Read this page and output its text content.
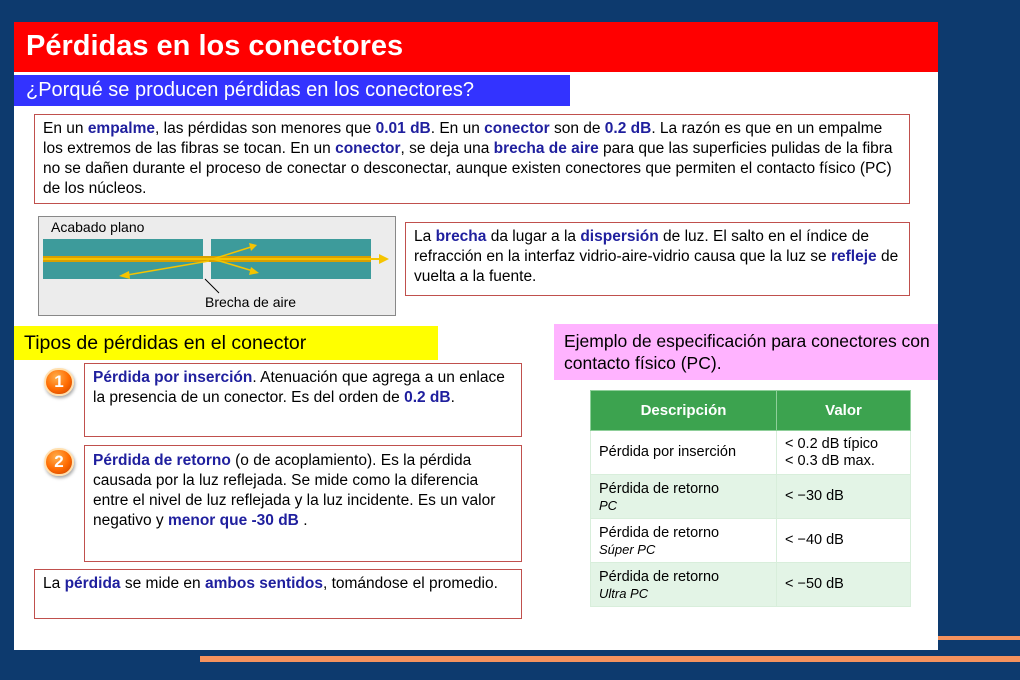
Pérdidas en los conectores
¿Porqué se producen pérdidas en los conectores?

En un empalme, las pérdidas son menores que 0.01 dB. En un conector son de 0.2 dB. La razón es que en un empalme los extremos de las fibras se tocan. En un conector, se deja una brecha de aire para que las superficies pulidas de la fibra no se dañen durante el proceso de conectar o desconectar, aunque existen conectores que permiten el contacto físico (PC) de los núcleos.

Acabado plano
Brecha de aire

La brecha da lugar a la dispersión de luz. El salto en el índice de refracción en la interfaz vidrio-aire-vidrio causa que la luz se refleje de vuelta a la fuente.

Tipos de pérdidas en el conector	Ejemplo de especificación para conectores con contacto físico (PC).

1	Pérdida por inserción. Atenuación que agrega a un enlace la presencia de un conector. Es del orden de 0.2 dB.

2	Pérdida de retorno (o de acoplamiento). Es la pérdida causada por la luz reflejada. Se mide como la diferencia entre el nivel de luz reflejada y la luz incidente. Es un valor negativo y menor que -30 dB .

La pérdida se mide en ambos sentidos, tomándose el promedio.

Descripción	Valor

Pérdida por inserción	< 0.2 dB típico
< 0.3 dB max.

Pérdida de retorno
PC	< −30 dB

Pérdida de retorno
Súper PC	< −40 dB

Pérdida de retorno
Ultra PC	< −50 dB
